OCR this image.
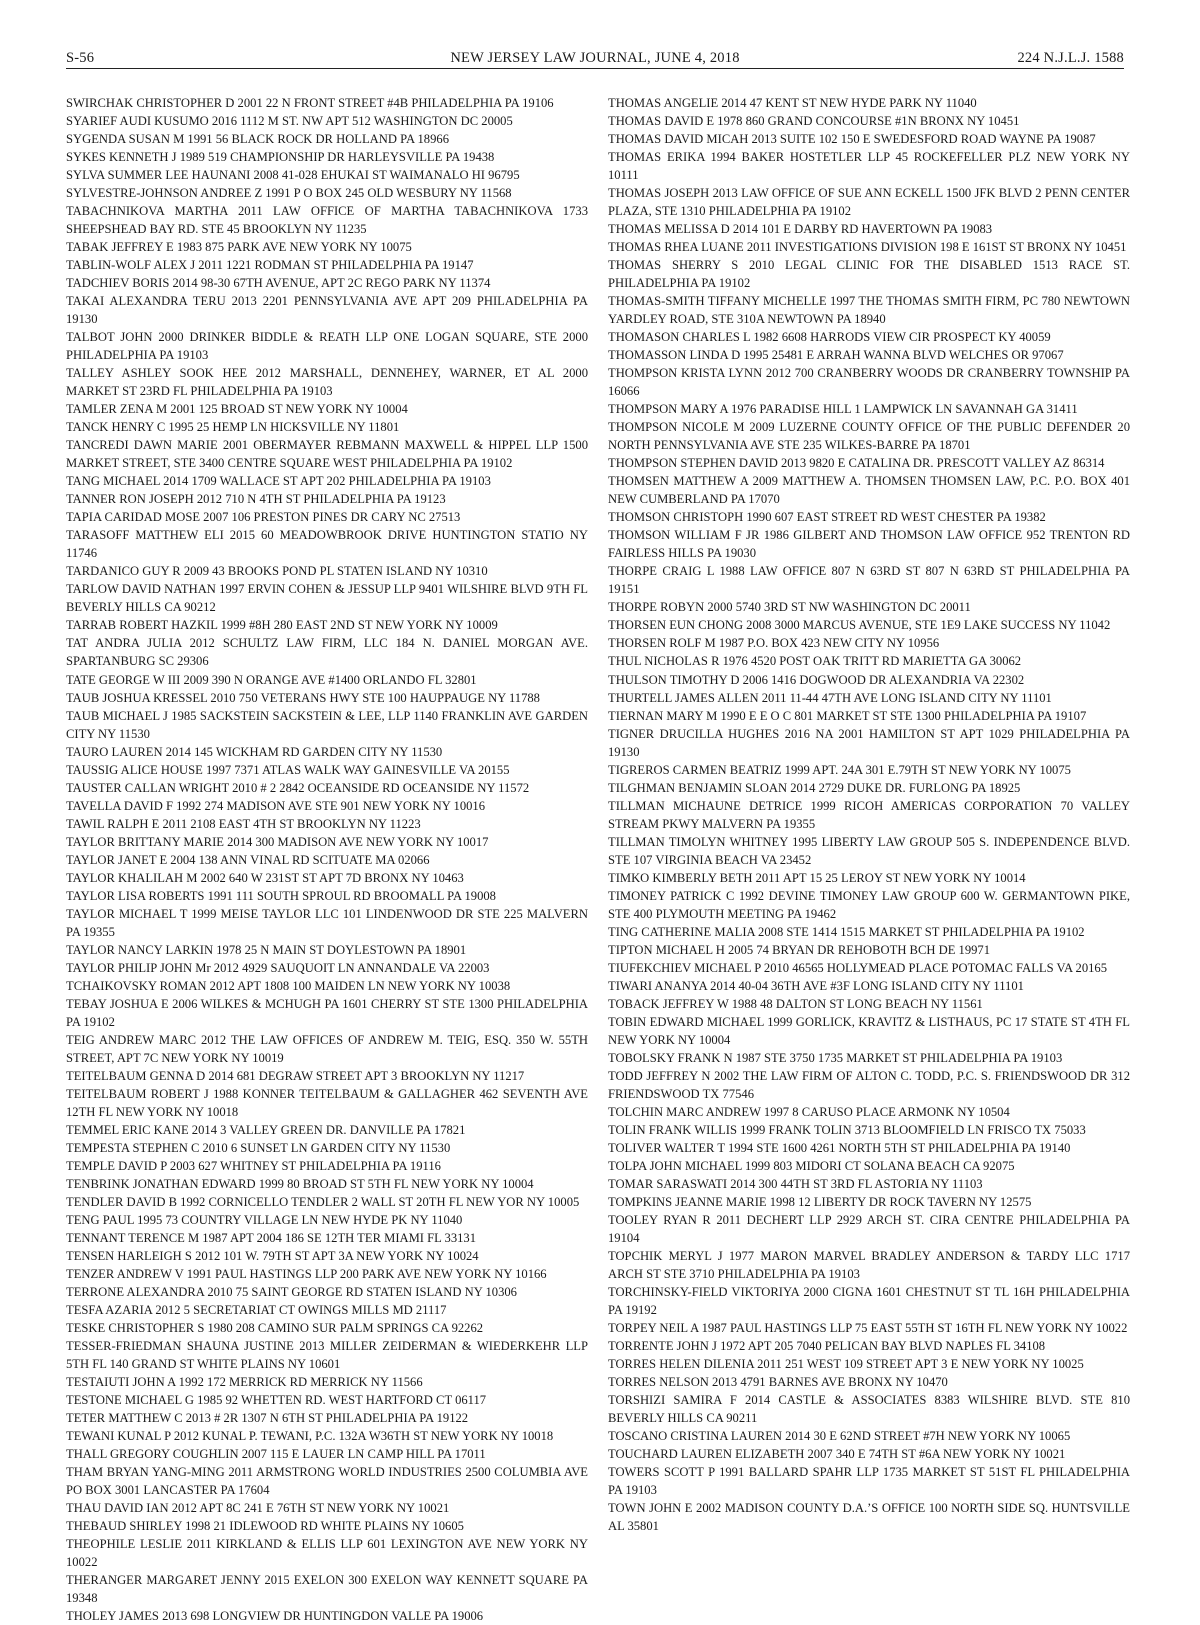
S-56	NEW JERSEY LAW JOURNAL, JUNE 4, 2018	224 N.J.L.J. 1588

SWIRCHAK CHRISTOPHER D 2001 22 N FRONT STREET #4B PHILADELPHIA PA 19106

SYARIEF AUDI KUSUMO 2016 1112 M ST. NW APT 512 WASHINGTON DC 20005

SYGENDA SUSAN M 1991 56 BLACK ROCK DR HOLLAND PA 18966

SYKES KENNETH J 1989 519 CHAMPIONSHIP DR HARLEYSVILLE PA 19438

SYLVA SUMMER LEE HAUNANI 2008 41-028 EHUKAI ST WAIMANALO HI 96795

SYLVESTRE-JOHNSON ANDREE Z 1991 P O BOX 245 OLD WESBURY NY 11568

TABACHNIKOVA MARTHA 2011 LAW OFFICE OF MARTHA TABACHNIKOVA 1733 SHEEPSHEAD BAY RD. STE 45 BROOKLYN NY 11235

TABAK JEFFREY E 1983 875 PARK AVE NEW YORK NY 10075

TABLIN-WOLF ALEX J 2011 1221 RODMAN ST PHILADELPHIA PA 19147

TADCHIEV BORIS 2014 98-30 67TH AVENUE, APT 2C REGO PARK NY 11374

TAKAI ALEXANDRA TERU 2013 2201 PENNSYLVANIA AVE APT 209 PHILADELPHIA PA 19130

TALBOT JOHN 2000 DRINKER BIDDLE & REATH LLP ONE LOGAN SQUARE, STE 2000 PHILADELPHIA PA 19103

TALLEY ASHLEY SOOK HEE 2012 MARSHALL, DENNEHEY, WARNER, ET AL 2000 MARKET ST 23RD FL PHILADELPHIA PA 19103

TAMLER ZENA M 2001 125 BROAD ST NEW YORK NY 10004

TANCK HENRY C 1995 25 HEMP LN HICKSVILLE NY 11801

TANCREDI DAWN MARIE 2001 OBERMAYER REBMANN MAXWELL & HIPPEL LLP 1500 MARKET STREET, STE 3400 CENTRE SQUARE WEST PHILADELPHIA PA 19102

TANG MICHAEL 2014 1709 WALLACE ST APT 202 PHILADELPHIA PA 19103

TANNER RON JOSEPH 2012 710 N 4TH ST PHILADELPHIA PA 19123

TAPIA CARIDAD MOSE 2007 106 PRESTON PINES DR CARY NC 27513

TARASOFF MATTHEW ELI 2015 60 MEADOWBROOK DRIVE HUNTINGTON STATIO NY 11746

TARDANICO GUY R 2009 43 BROOKS POND PL STATEN ISLAND NY 10310

TARLOW DAVID NATHAN 1997 ERVIN COHEN & JESSUP LLP 9401 WILSHIRE BLVD 9TH FL BEVERLY HILLS CA 90212

TARRAB ROBERT HAZKIL 1999 #8H 280 EAST 2ND ST NEW YORK NY 10009

TAT ANDRA JULIA 2012 SCHULTZ LAW FIRM, LLC 184 N. DANIEL MORGAN AVE. SPARTANBURG SC 29306

TATE GEORGE W III 2009 390 N ORANGE AVE #1400 ORLANDO FL 32801

TAUB JOSHUA KRESSEL 2010 750 VETERANS HWY STE 100 HAUPPAUGE NY 11788

TAUB MICHAEL J 1985 SACKSTEIN SACKSTEIN & LEE, LLP 1140 FRANKLIN AVE GARDEN CITY NY 11530

TAURO LAUREN 2014 145 WICKHAM RD GARDEN CITY NY 11530

TAUSSIG ALICE HOUSE 1997 7371 ATLAS WALK WAY GAINESVILLE VA 20155

TAUSTER CALLAN WRIGHT 2010 # 2 2842 OCEANSIDE RD OCEANSIDE NY 11572

TAVELLA DAVID F 1992 274 MADISON AVE STE 901 NEW YORK NY 10016

TAWIL RALPH E 2011 2108 EAST 4TH ST BROOKLYN NY 11223

TAYLOR BRITTANY MARIE 2014 300 MADISON AVE NEW YORK NY 10017

TAYLOR JANET E 2004 138 ANN VINAL RD SCITUATE MA 02066

TAYLOR KHALILAH M 2002 640 W 231ST ST APT 7D BRONX NY 10463

TAYLOR LISA ROBERTS 1991 111 SOUTH SPROUL RD BROOMALL PA 19008

TAYLOR MICHAEL T 1999 MEISE TAYLOR LLC 101 LINDENWOOD DR STE 225 MALVERN PA 19355

TAYLOR NANCY LARKIN 1978 25 N MAIN ST DOYLESTOWN PA 18901

TAYLOR PHILIP JOHN Mr 2012 4929 SAUQUOIT LN ANNANDALE VA 22003

TCHAIKOVSKY ROMAN 2012 APT 1808 100 MAIDEN LN NEW YORK NY 10038

TEBAY JOSHUA E 2006 WILKES & MCHUGH PA 1601 CHERRY ST STE 1300 PHILADELPHIA PA 19102

TEIG ANDREW MARC 2012 THE LAW OFFICES OF ANDREW M. TEIG, ESQ. 350 W. 55TH STREET, APT 7C NEW YORK NY 10019

TEITELBAUM GENNA D 2014 681 DEGRAW STREET APT 3 BROOKLYN NY 11217

TEITELBAUM ROBERT J 1988 KONNER TEITELBAUM & GALLAGHER 462 SEVENTH AVE 12TH FL NEW YORK NY 10018

TEMMEL ERIC KANE 2014 3 VALLEY GREEN DR. DANVILLE PA 17821

TEMPESTA STEPHEN C 2010 6 SUNSET LN GARDEN CITY NY 11530

TEMPLE DAVID P 2003 627 WHITNEY ST PHILADELPHIA PA 19116

TENBRINK JONATHAN EDWARD 1999 80 BROAD ST 5TH FL NEW YORK NY 10004

TENDLER DAVID B 1992 CORNICELLO TENDLER 2 WALL ST 20TH FL NEW YOR NY 10005

TENG PAUL 1995 73 COUNTRY VILLAGE LN NEW HYDE PK NY 11040

TENNANT TERENCE M 1987 APT 2004 186 SE 12TH TER MIAMI FL 33131

TENSEN HARLEIGH S 2012 101 W. 79TH ST APT 3A NEW YORK NY 10024

TENZER ANDREW V 1991 PAUL HASTINGS LLP 200 PARK AVE NEW YORK NY 10166

TERRONE ALEXANDRA 2010 75 SAINT GEORGE RD STATEN ISLAND NY 10306

TESFA AZARIA 2012 5 SECRETARIAT CT OWINGS MILLS MD 21117

TESKE CHRISTOPHER S 1980 208 CAMINO SUR PALM SPRINGS CA 92262

TESSER-FRIEDMAN SHAUNA JUSTINE 2013 MILLER ZEIDERMAN & WIEDERKEHR LLP 5TH FL 140 GRAND ST WHITE PLAINS NY 10601

TESTAIUTI JOHN A 1992 172 MERRICK RD MERRICK NY 11566

TESTONE MICHAEL G 1985 92 WHETTEN RD. WEST HARTFORD CT 06117

TETER MATTHEW C 2013 # 2R 1307 N 6TH ST PHILADELPHIA PA 19122

TEWANI KUNAL P 2012 KUNAL P. TEWANI, P.C. 132A W36TH ST NEW YORK NY 10018

THALL GREGORY COUGHLIN 2007 115 E LAUER LN CAMP HILL PA 17011

THAM BRYAN YANG-MING 2011 ARMSTRONG WORLD INDUSTRIES 2500 COLUMBIA AVE PO BOX 3001 LANCASTER PA 17604

THAU DAVID IAN 2012 APT 8C 241 E 76TH ST NEW YORK NY 10021

THEBAUD SHIRLEY 1998 21 IDLEWOOD RD WHITE PLAINS NY 10605

THEOPHILE LESLIE 2011 KIRKLAND & ELLIS LLP 601 LEXINGTON AVE NEW YORK NY 10022

THERANGER MARGARET JENNY 2015 EXELON 300 EXELON WAY KENNETT SQUARE PA 19348

THOLEY JAMES 2013 698 LONGVIEW DR HUNTINGDON VALLE PA 19006

THOMAS ANGELIE 2014 47 KENT ST NEW HYDE PARK NY 11040

THOMAS DAVID E 1978 860 GRAND CONCOURSE #1N BRONX NY 10451

THOMAS DAVID MICAH 2013 SUITE 102 150 E SWEDESFORD ROAD WAYNE PA 19087

THOMAS ERIKA 1994 BAKER HOSTETLER LLP 45 ROCKEFELLER PLZ NEW YORK NY 10111

THOMAS JOSEPH 2013 LAW OFFICE OF SUE ANN ECKELL 1500 JFK BLVD 2 PENN CENTER PLAZA, STE 1310 PHILADELPHIA PA 19102

THOMAS MELISSA D 2014 101 E DARBY RD HAVERTOWN PA 19083

THOMAS RHEA LUANE 2011 INVESTIGATIONS DIVISION 198 E 161ST ST BRONX NY 10451

THOMAS SHERRY S 2010 LEGAL CLINIC FOR THE DISABLED 1513 RACE ST. PHILADELPHIA PA 19102

THOMAS-SMITH TIFFANY MICHELLE 1997 THE THOMAS SMITH FIRM, PC 780 NEWTOWN YARDLEY ROAD, STE 310A NEWTOWN PA 18940

THOMASON CHARLES L 1982 6608 HARRODS VIEW CIR PROSPECT KY 40059

THOMASSON LINDA D 1995 25481 E ARRAH WANNA BLVD WELCHES OR 97067

THOMPSON KRISTA LYNN 2012 700 CRANBERRY WOODS DR CRANBERRY TOWNSHIP PA 16066

THOMPSON MARY A 1976 PARADISE HILL 1 LAMPWICK LN SAVANNAH GA 31411

THOMPSON NICOLE M 2009 LUZERNE COUNTY OFFICE OF THE PUBLIC DEFENDER 20 NORTH PENNSYLVANIA AVE STE 235 WILKES-BARRE PA 18701

THOMPSON STEPHEN DAVID 2013 9820 E CATALINA DR. PRESCOTT VALLEY AZ 86314

THOMSEN MATTHEW A 2009 MATTHEW A. THOMSEN THOMSEN LAW, P.C. P.O. BOX 401 NEW CUMBERLAND PA 17070

THOMSON CHRISTOPH 1990 607 EAST STREET RD WEST CHESTER PA 19382

THOMSON WILLIAM F JR 1986 GILBERT AND THOMSON LAW OFFICE 952 TRENTON RD FAIRLESS HILLS PA 19030

THORPE CRAIG L 1988 LAW OFFICE 807 N 63RD ST 807 N 63RD ST PHILADELPHIA PA 19151

THORPE ROBYN 2000 5740 3RD ST NW WASHINGTON DC 20011

THORSEN EUN CHONG 2008 3000 MARCUS AVENUE, STE 1E9 LAKE SUCCESS NY 11042

THORSEN ROLF M 1987 P.O. BOX 423 NEW CITY NY 10956

THUL NICHOLAS R 1976 4520 POST OAK TRITT RD MARIETTA GA 30062

THULSON TIMOTHY D 2006 1416 DOGWOOD DR ALEXANDRIA VA 22302

THURTELL JAMES ALLEN 2011 11-44 47TH AVE LONG ISLAND CITY NY 11101

TIERNAN MARY M 1990 E E O C 801 MARKET ST STE 1300 PHILADELPHIA PA 19107

TIGNER DRUCILLA HUGHES 2016 NA 2001 HAMILTON ST APT 1029 PHILADELPHIA PA 19130

TIGREROS CARMEN BEATRIZ 1999 APT. 24A 301 E.79TH ST NEW YORK NY 10075

TILGHMAN BENJAMIN SLOAN 2014 2729 DUKE DR. FURLONG PA 18925

TILLMAN MICHAUNE DETRICE 1999 RICOH AMERICAS CORPORATION 70 VALLEY STREAM PKWY MALVERN PA 19355

TILLMAN TIMOLYN WHITNEY 1995 LIBERTY LAW GROUP 505 S. INDEPENDENCE BLVD. STE 107 VIRGINIA BEACH VA 23452

TIMKO KIMBERLY BETH 2011 APT 15 25 LEROY ST NEW YORK NY 10014

TIMONEY PATRICK C 1992 DEVINE TIMONEY LAW GROUP 600 W. GERMANTOWN PIKE, STE 400 PLYMOUTH MEETING PA 19462

TING CATHERINE MALIA 2008 STE 1414 1515 MARKET ST PHILADELPHIA PA 19102

TIPTON MICHAEL H 2005 74 BRYAN DR REHOBOTH BCH DE 19971

TIUFEKCHIEV MICHAEL P 2010 46565 HOLLYMEAD PLACE POTOMAC FALLS VA 20165

TIWARI ANANYA 2014 40-04 36TH AVE #3F LONG ISLAND CITY NY 11101

TOBACK JEFFREY W 1988 48 DALTON ST LONG BEACH NY 11561

TOBIN EDWARD MICHAEL 1999 GORLICK, KRAVITZ & LISTHAUS, PC 17 STATE ST 4TH FL NEW YORK NY 10004

TOBOLSKY FRANK N 1987 STE 3750 1735 MARKET ST PHILADELPHIA PA 19103

TODD JEFFREY N 2002 THE LAW FIRM OF ALTON C. TODD, P.C. S. FRIENDSWOOD DR 312 FRIENDSWOOD TX 77546

TOLCHIN MARC ANDREW 1997 8 CARUSO PLACE ARMONK NY 10504

TOLIN FRANK WILLIS 1999 FRANK TOLIN 3713 BLOOMFIELD LN FRISCO TX 75033

TOLIVER WALTER T 1994 STE 1600 4261 NORTH 5TH ST PHILADELPHIA PA 19140

TOLPA JOHN MICHAEL 1999 803 MIDORI CT SOLANA BEACH CA 92075

TOMAR SARASWATI 2014 300 44TH ST 3RD FL ASTORIA NY 11103

TOMPKINS JEANNE MARIE 1998 12 LIBERTY DR ROCK TAVERN NY 12575

TOOLEY RYAN R 2011 DECHERT LLP 2929 ARCH ST. CIRA CENTRE PHILADELPHIA PA 19104

TOPCHIK MERYL J 1977 MARON MARVEL BRADLEY ANDERSON & TARDY LLC 1717 ARCH ST STE 3710 PHILADELPHIA PA 19103

TORCHINSKY-FIELD VIKTORIYA 2000 CIGNA 1601 CHESTNUT ST TL 16H PHILADELPHIA PA 19192

TORPEY NEIL A 1987 PAUL HASTINGS LLP 75 EAST 55TH ST 16TH FL NEW YORK NY 10022

TORRENTE JOHN J 1972 APT 205 7040 PELICAN BAY BLVD NAPLES FL 34108

TORRES HELEN DILENIA 2011 251 WEST 109 STREET APT 3 E NEW YORK NY 10025

TORRES NELSON 2013 4791 BARNES AVE BRONX NY 10470

TORSHIZI SAMIRA F 2014 CASTLE & ASSOCIATES 8383 WILSHIRE BLVD. STE 810 BEVERLY HILLS CA 90211

TOSCANO CRISTINA LAUREN 2014 30 E 62ND STREET #7H NEW YORK NY 10065

TOUCHARD LAUREN ELIZABETH 2007 340 E 74TH ST #6A NEW YORK NY 10021

TOWERS SCOTT P 1991 BALLARD SPAHR LLP 1735 MARKET ST 51ST FL PHILADELPHIA PA 19103

TOWN JOHN E 2002 MADISON COUNTY D.A.’S OFFICE 100 NORTH SIDE SQ. HUNTSVILLE AL 35801
